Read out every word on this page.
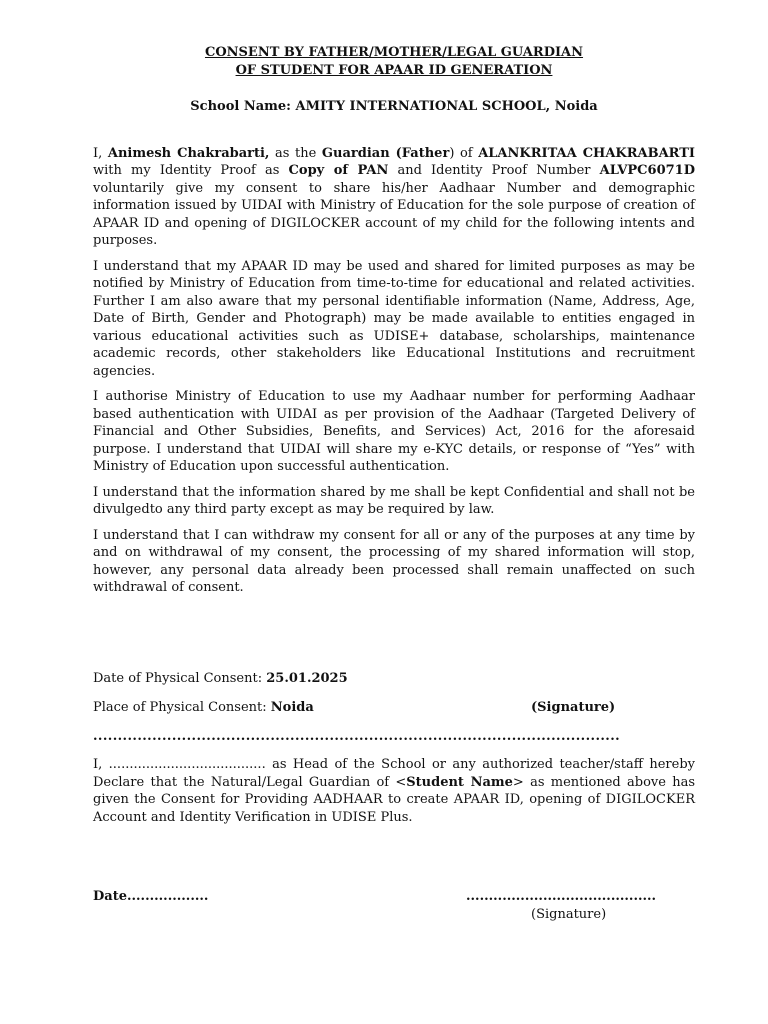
CONSENT BY FATHER/MOTHER/LEGAL GUARDIAN
OF STUDENT FOR APAAR ID GENERATION
School Name: AMITY INTERNATIONAL SCHOOL, Noida

I, Animesh Chakrabarti, as the Guardian (Father) of ALANKRITAA CHAKRABARTI with my Identity Proof as Copy of PAN and Identity Proof Number ALVPC6071D voluntarily give my consent to share his/her Aadhaar Number and demographic information issued by UIDAI with Ministry of Education for the sole purpose of creation of APAAR ID and opening of DIGILOCKER account of my child for the following intents and purposes.

I understand that my APAAR ID may be used and shared for limited purposes as may be notified by Ministry of Education from time-to-time for educational and related activities. Further I am also aware that my personal identifiable information (Name, Address, Age, Date of Birth, Gender and Photograph) may be made available to entities engaged in various educational activities such as UDISE+ database, scholarships, maintenance academic records, other stakeholders like Educational Institutions and recruitment agencies.

I authorise Ministry of Education to use my Aadhaar number for performing Aadhaar based authentication with UIDAI as per provision of the Aadhaar (Targeted Delivery of Financial and Other Subsidies, Benefits, and Services) Act, 2016 for the aforesaid purpose. I understand that UIDAI will share my e-KYC details, or response of “Yes” with Ministry of Education upon successful authentication.

I understand that the information shared by me shall be kept Confidential and shall not be divulgedto any third party except as may be required by law.

I understand that I can withdraw my consent for all or any of the purposes at any time by and on withdrawal of my consent, the processing of my shared information will stop, however, any personal data already been processed shall remain unaffected on such withdrawal of consent.

Date of Physical Consent: 25.01.2025
Place of Physical Consent: Noida	(Signature)
...........................................................................................................
I, ...................................... as Head of the School or any authorized teacher/staff hereby Declare that the Natural/Legal Guardian of <Student Name> as mentioned above has given the Consent for Providing AADHAAR to create APAAR ID, opening of DIGILOCKER Account and Identity Verification in UDISE Plus.
Date..................	..........................................
(Signature)
